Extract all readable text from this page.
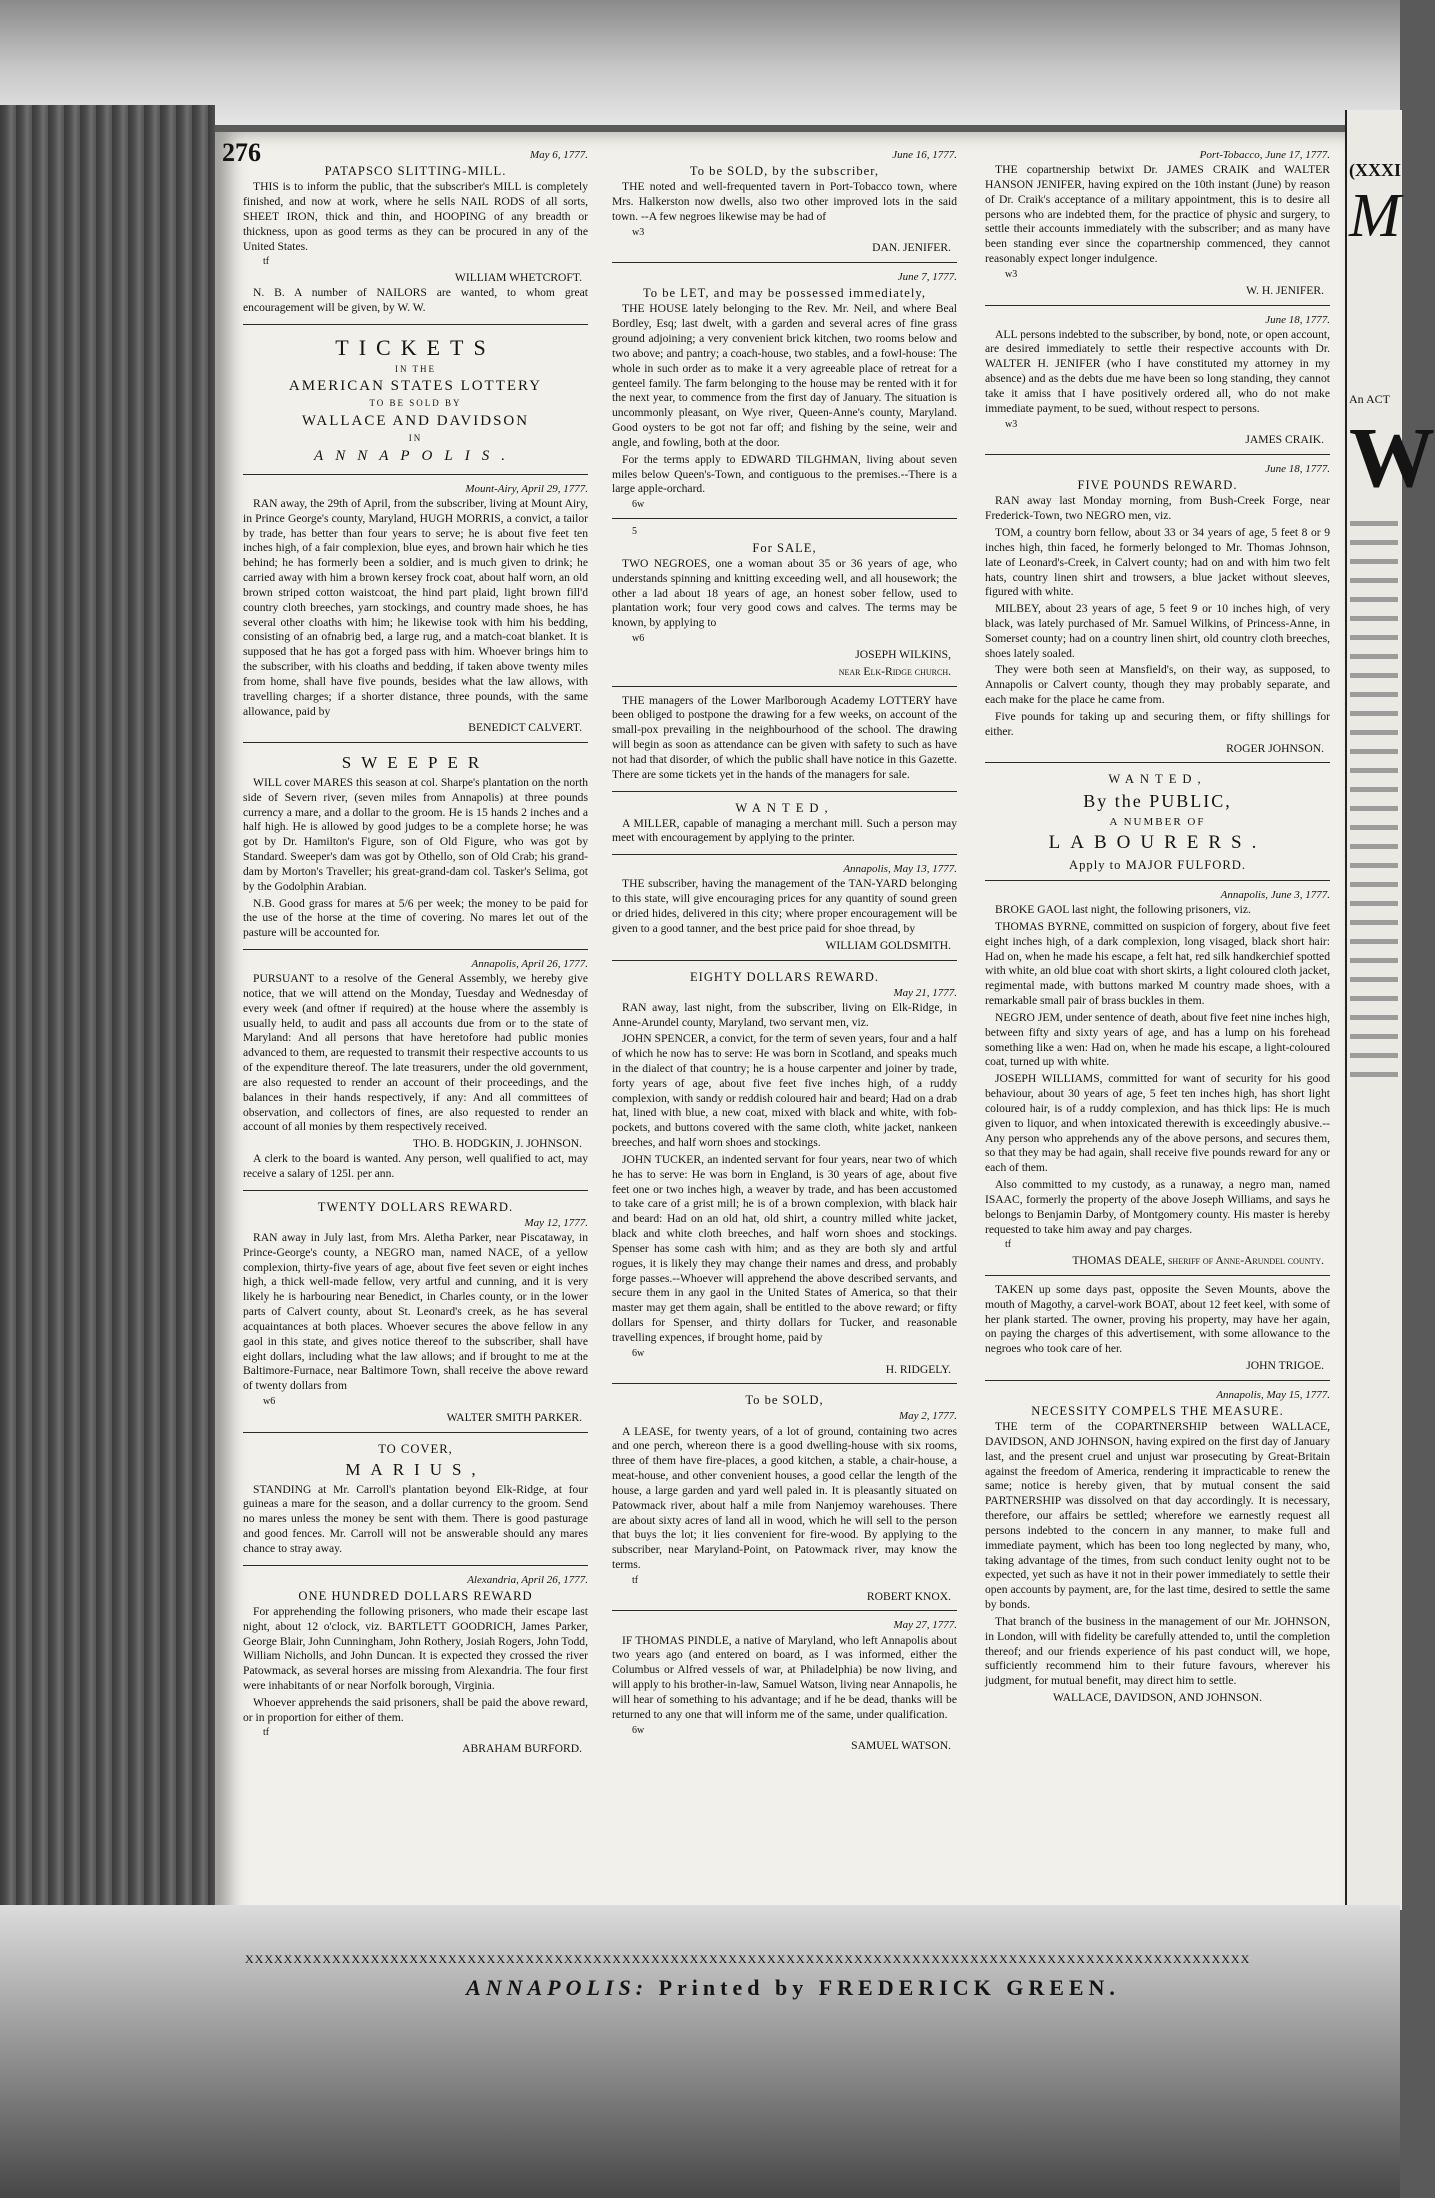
(XXXI
M
An ACT
W
276	May 6, 1777.
PATAPSCO SLITTING-MILL.

THIS is to inform the public, that the subscriber's MILL is completely finished, and now at work, where he sells NAIL RODS of all sorts, SHEET IRON, thick and thin, and HOOPING of any breadth or thickness, upon as good terms as they can be procured in any of the United States.

tf
WILLIAM WHETCROFT.

N. B. A number of NAILORS are wanted, to whom great encouragement will be given, by W. W.

TICKETS
IN THE
AMERICAN STATES LOTTERY
TO BE SOLD BY
WALLACE AND DAVIDSON
IN
ANNAPOLIS.
Mount-Airy, April 29, 1777.

RAN away, the 29th of April, from the subscriber, living at Mount Airy, in Prince George's county, Maryland, HUGH MORRIS, a convict, a tailor by trade, has better than four years to serve; he is about five feet ten inches high, of a fair complexion, blue eyes, and brown hair which he ties behind; he has formerly been a soldier, and is much given to drink; he carried away with him a brown kersey frock coat, about half worn, an old brown striped cotton waistcoat, the hind part plaid, light brown fill'd country cloth breeches, yarn stockings, and country made shoes, he has several other cloaths with him; he likewise took with him his bedding, consisting of an ofnabrig bed, a large rug, and a match-coat blanket. It is supposed that he has got a forged pass with him. Whoever brings him to the subscriber, with his cloaths and bedding, if taken above twenty miles from home, shall have five pounds, besides what the law allows, with travelling charges; if a shorter distance, three pounds, with the same allowance, paid by

BENEDICT CALVERT.
SWEEPER

WILL cover MARES this season at col. Sharpe's plantation on the north side of Severn river, (seven miles from Annapolis) at three pounds currency a mare, and a dollar to the groom. He is 15 hands 2 inches and a half high. He is allowed by good judges to be a complete horse; he was got by Dr. Hamilton's Figure, son of Old Figure, who was got by Standard. Sweeper's dam was got by Othello, son of Old Crab; his grand-dam by Morton's Traveller; his great-grand-dam col. Tasker's Selima, got by the Godolphin Arabian.

N.B. Good grass for mares at 5/6 per week; the money to be paid for the use of the horse at the time of covering. No mares let out of the pasture will be accounted for.

Annapolis, April 26, 1777.

PURSUANT to a resolve of the General Assembly, we hereby give notice, that we will attend on the Monday, Tuesday and Wednesday of every week (and oftner if required) at the house where the assembly is usually held, to audit and pass all accounts due from or to the state of Maryland: And all persons that have heretofore had public monies advanced to them, are requested to transmit their respective accounts to us of the expenditure thereof. The late treasurers, under the old government, are also requested to render an account of their proceedings, and the balances in their hands respectively, if any: And all committees of observation, and collectors of fines, are also requested to render an account of all monies by them respectively received.

THO. B. HODGKIN, J. JOHNSON.

A clerk to the board is wanted. Any person, well qualified to act, may receive a salary of 125l. per ann.

TWENTY DOLLARS REWARD.
May 12, 1777.

RAN away in July last, from Mrs. Aletha Parker, near Piscataway, in Prince-George's county, a NEGRO man, named NACE, of a yellow complexion, thirty-five years of age, about five feet seven or eight inches high, a thick well-made fellow, very artful and cunning, and it is very likely he is harbouring near Benedict, in Charles county, or in the lower parts of Calvert county, about St. Leonard's creek, as he has several acquaintances at both places. Whoever secures the above fellow in any gaol in this state, and gives notice thereof to the subscriber, shall have eight dollars, including what the law allows; and if brought to me at the Baltimore-Furnace, near Baltimore Town, shall receive the above reward of twenty dollars from

w6
WALTER SMITH PARKER.
TO COVER,
MARIUS,

STANDING at Mr. Carroll's plantation beyond Elk-Ridge, at four guineas a mare for the season, and a dollar currency to the groom. Send no mares unless the money be sent with them. There is good pasturage and good fences. Mr. Carroll will not be answerable should any mares chance to stray away.

Alexandria, April 26, 1777.
ONE HUNDRED DOLLARS REWARD

For apprehending the following prisoners, who made their escape last night, about 12 o'clock, viz. BARTLETT GOODRICH, James Parker, George Blair, John Cunningham, John Rothery, Josiah Rogers, John Todd, William Nicholls, and John Duncan. It is expected they crossed the river Patowmack, as several horses are missing from Alexandria. The four first were inhabitants of or near Norfolk borough, Virginia.

Whoever apprehends the said prisoners, shall be paid the above reward, or in proportion for either of them.

tf
ABRAHAM BURFORD.
June 16, 1777.
To be SOLD, by the subscriber,

THE noted and well-frequented tavern in Port-Tobacco town, where Mrs. Halkerston now dwells, also two other improved lots in the said town. --A few negroes likewise may be had of

w3
DAN. JENIFER.
June 7, 1777.
To be LET, and may be possessed immediately,

THE HOUSE lately belonging to the Rev. Mr. Neil, and where Beal Bordley, Esq; last dwelt, with a garden and several acres of fine grass ground adjoining; a very convenient brick kitchen, two rooms below and two above; and pantry; a coach-house, two stables, and a fowl-house: The whole in such order as to make it a very agreeable place of retreat for a genteel family. The farm belonging to the house may be rented with it for the next year, to commence from the first day of January. The situation is uncommonly pleasant, on Wye river, Queen-Anne's county, Maryland. Good oysters to be got not far off; and fishing by the seine, weir and angle, and fowling, both at the door.

For the terms apply to EDWARD TILGHMAN, living about seven miles below Queen's-Town, and contiguous to the premises.--There is a large apple-orchard.

6w
5
For SALE,

TWO NEGROES, one a woman about 35 or 36 years of age, who understands spinning and knitting exceeding well, and all housework; the other a lad about 18 years of age, an honest sober fellow, used to plantation work; four very good cows and calves. The terms may be known, by applying to

w6
JOSEPH WILKINS,
near Elk-Ridge church.

THE managers of the Lower Marlborough Academy LOTTERY have been obliged to postpone the drawing for a few weeks, on account of the small-pox prevailing in the neighbourhood of the school. The drawing will begin as soon as attendance can be given with safety to such as have not had that disorder, of which the public shall have notice in this Gazette. There are some tickets yet in the hands of the managers for sale.

WANTED,

A MILLER, capable of managing a merchant mill. Such a person may meet with encouragement by applying to the printer.

Annapolis, May 13, 1777.

THE subscriber, having the management of the TAN-YARD belonging to this state, will give encouraging prices for any quantity of sound green or dried hides, delivered in this city; where proper encouragement will be given to a good tanner, and the best price paid for shoe thread, by

WILLIAM GOLDSMITH.
EIGHTY DOLLARS REWARD.
May 21, 1777.

RAN away, last night, from the subscriber, living on Elk-Ridge, in Anne-Arundel county, Maryland, two servant men, viz.

JOHN SPENCER, a convict, for the term of seven years, four and a half of which he now has to serve: He was born in Scotland, and speaks much in the dialect of that country; he is a house carpenter and joiner by trade, forty years of age, about five feet five inches high, of a ruddy complexion, with sandy or reddish coloured hair and beard; Had on a drab hat, lined with blue, a new coat, mixed with black and white, with fob-pockets, and buttons covered with the same cloth, white jacket, nankeen breeches, and half worn shoes and stockings.

JOHN TUCKER, an indented servant for four years, near two of which he has to serve: He was born in England, is 30 years of age, about five feet one or two inches high, a weaver by trade, and has been accustomed to take care of a grist mill; he is of a brown complexion, with black hair and beard: Had on an old hat, old shirt, a country milled white jacket, black and white cloth breeches, and half worn shoes and stockings. Spenser has some cash with him; and as they are both sly and artful rogues, it is likely they may change their names and dress, and probably forge passes.--Whoever will apprehend the above described servants, and secure them in any gaol in the United States of America, so that their master may get them again, shall be entitled to the above reward; or fifty dollars for Spenser, and thirty dollars for Tucker, and reasonable travelling expences, if brought home, paid by

6w
H. RIDGELY.
To be SOLD,
May 2, 1777.

A LEASE, for twenty years, of a lot of ground, containing two acres and one perch, whereon there is a good dwelling-house with six rooms, three of them have fire-places, a good kitchen, a stable, a chair-house, a meat-house, and other convenient houses, a good cellar the length of the house, a large garden and yard well paled in. It is pleasantly situated on Patowmack river, about half a mile from Nanjemoy warehouses. There are about sixty acres of land all in wood, which he will sell to the person that buys the lot; it lies convenient for fire-wood. By applying to the subscriber, near Maryland-Point, on Patowmack river, may know the terms.

tf
ROBERT KNOX.
May 27, 1777.

IF THOMAS PINDLE, a native of Maryland, who left Annapolis about two years ago (and entered on board, as I was informed, either the Columbus or Alfred vessels of war, at Philadelphia) be now living, and will apply to his brother-in-law, Samuel Watson, living near Annapolis, he will hear of something to his advantage; and if he be dead, thanks will be returned to any one that will inform me of the same, under qualification.

6w
SAMUEL WATSON.
Port-Tobacco, June 17, 1777.

THE copartnership betwixt Dr. JAMES CRAIK and WALTER HANSON JENIFER, having expired on the 10th instant (June) by reason of Dr. Craik's acceptance of a military appointment, this is to desire all persons who are indebted them, for the practice of physic and surgery, to settle their accounts immediately with the subscriber; and as many have been standing ever since the copartnership commenced, they cannot reasonably expect longer indulgence.

w3
W. H. JENIFER.
June 18, 1777.

ALL persons indebted to the subscriber, by bond, note, or open account, are desired immediately to settle their respective accounts with Dr. WALTER H. JENIFER (who I have constituted my attorney in my absence) and as the debts due me have been so long standing, they cannot take it amiss that I have positively ordered all, who do not make immediate payment, to be sued, without respect to persons.

w3
JAMES CRAIK.
June 18, 1777.
FIVE POUNDS REWARD.

RAN away last Monday morning, from Bush-Creek Forge, near Frederick-Town, two NEGRO men, viz.

TOM, a country born fellow, about 33 or 34 years of age, 5 feet 8 or 9 inches high, thin faced, he formerly belonged to Mr. Thomas Johnson, late of Leonard's-Creek, in Calvert county; had on and with him two felt hats, country linen shirt and trowsers, a blue jacket without sleeves, figured with white.

MILBEY, about 23 years of age, 5 feet 9 or 10 inches high, of very black, was lately purchased of Mr. Samuel Wilkins, of Princess-Anne, in Somerset county; had on a country linen shirt, old country cloth breeches, shoes lately soaled.

They were both seen at Mansfield's, on their way, as supposed, to Annapolis or Calvert county, though they may probably separate, and each make for the place he came from.

Five pounds for taking up and securing them, or fifty shillings for either.

ROGER JOHNSON.
WANTED,
By the PUBLIC,
A NUMBER OF
LABOURERS.
Apply to MAJOR FULFORD.
Annapolis, June 3, 1777.

BROKE GAOL last night, the following prisoners, viz.

THOMAS BYRNE, committed on suspicion of forgery, about five feet eight inches high, of a dark complexion, long visaged, black short hair: Had on, when he made his escape, a felt hat, red silk handkerchief spotted with white, an old blue coat with short skirts, a light coloured cloth jacket, regimental made, with buttons marked M country made shoes, with a remarkable small pair of brass buckles in them.

NEGRO JEM, under sentence of death, about five feet nine inches high, between fifty and sixty years of age, and has a lump on his forehead something like a wen: Had on, when he made his escape, a light-coloured coat, turned up with white.

JOSEPH WILLIAMS, committed for want of security for his good behaviour, about 30 years of age, 5 feet ten inches high, has short light coloured hair, is of a ruddy complexion, and has thick lips: He is much given to liquor, and when intoxicated therewith is exceedingly abusive.--Any person who apprehends any of the above persons, and secures them, so that they may be had again, shall receive five pounds reward for any or each of them.

Also committed to my custody, as a runaway, a negro man, named ISAAC, formerly the property of the above Joseph Williams, and says he belongs to Benjamin Darby, of Montgomery county. His master is hereby requested to take him away and pay charges.

tf
THOMAS DEALE, sheriff of Anne-Arundel county.

TAKEN up some days past, opposite the Seven Mounts, above the mouth of Magothy, a carvel-work BOAT, about 12 feet keel, with some of her plank started. The owner, proving his property, may have her again, on paying the charges of this advertisement, with some allowance to the negroes who took care of her.

JOHN TRIGOE.
Annapolis, May 15, 1777.
NECESSITY COMPELS THE MEASURE.

THE term of the COPARTNERSHIP between WALLACE, DAVIDSON, AND JOHNSON, having expired on the first day of January last, and the present cruel and unjust war prosecuting by Great-Britain against the freedom of America, rendering it impracticable to renew the same; notice is hereby given, that by mutual consent the said PARTNERSHIP was dissolved on that day accordingly. It is necessary, therefore, our affairs be settled; wherefore we earnestly request all persons indebted to the concern in any manner, to make full and immediate payment, which has been too long neglected by many, who, taking advantage of the times, from such conduct lenity ought not to be expected, yet such as have it not in their power immediately to settle their open accounts by payment, are, for the last time, desired to settle the same by bonds.

That branch of the business in the management of our Mr. JOHNSON, in London, will with fidelity be carefully attended to, until the completion thereof; and our friends experience of his past conduct will, we hope, sufficiently recommend him to their future favours, wherever his judgment, for mutual benefit, may direct him to settle.

WALLACE, DAVIDSON, AND JOHNSON.
XXXXXXXXXXXXXXXXXXXXXXXXXXXXXXXXXXXXXXXXXXXXXXXXXXXXXXXXXXXXXXXXXXXXXXXXXXXXXXXXXXXXXXXXXXXXXXXXXXXXXXXX
ANNAPOLIS: Printed by FREDERICK GREEN.
